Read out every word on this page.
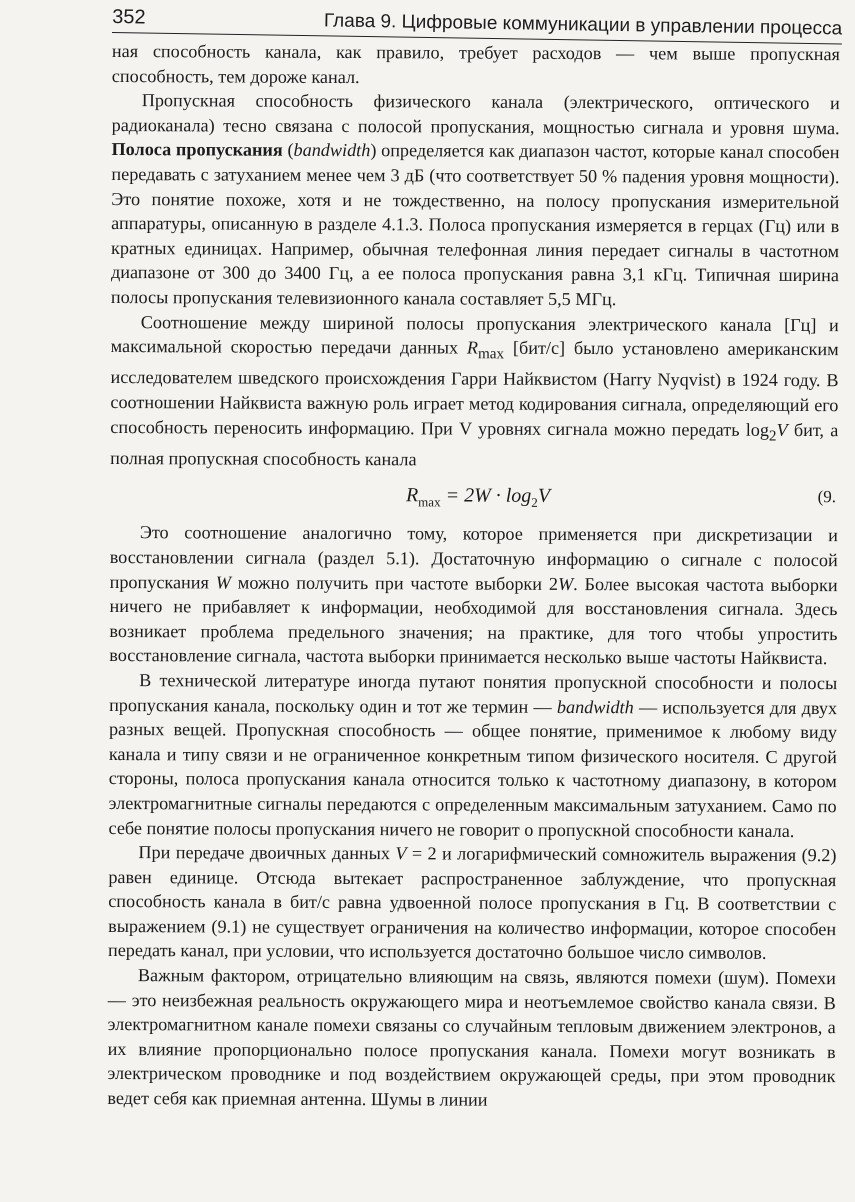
352	Глава 9. Цифровые коммуникации в управлении процесса

ная способность канала, как правило, требует расходов — чем выше пропускная способность, тем дороже канал.

Пропускная способность физического канала (электрического, оптического и радиоканала) тесно связана с полосой пропускания, мощностью сигнала и уровня шума. Полоса пропускания (bandwidth) определяется как диапазон частот, которые канал способен передавать с затуханием менее чем 3 дБ (что соответствует 50 % падения уровня мощности). Это понятие похоже, хотя и не тождественно, на полосу пропускания измерительной аппаратуры, описанную в разделе 4.1.3. Полоса пропускания измеряется в герцах (Гц) или в кратных единицах. Например, обычная телефонная линия передает сигналы в частотном диапазоне от 300 до 3400 Гц, а ее полоса пропускания равна 3,1 кГц. Типичная ширина полосы пропускания телевизионного канала составляет 5,5 МГц.

Соотношение между шириной полосы пропускания электрического канала [Гц] и максимальной скоростью передачи данных $R_{max}$ [бит/с] было установлено американским исследователем шведского происхождения Гарри Найквистом (Harry Nyqvist) в 1924 году. В соотношении Найквиста важную роль играет метод кодирования сигнала, определяющий его способность переносить информацию. При V уровнях сигнала можно передать $\log_2V$ бит, а полная пропускная способность канала

$R_{max} = 2W \cdot \log_2V$	(9.

Это соотношение аналогично тому, которое применяется при дискретизации и восстановлении сигнала (раздел 5.1). Достаточную информацию о сигнале с полосой пропускания W можно получить при частоте выборки 2W. Более высокая частота выборки ничего не прибавляет к информации, необходимой для восстановления сигнала. Здесь возникает проблема предельного значения; на практике, для того чтобы упростить восстановление сигнала, частота выборки принимается несколько выше частоты Найквиста.

В технической литературе иногда путают понятия пропускной способности и полосы пропускания канала, поскольку один и тот же термин — bandwidth — используется для двух разных вещей. Пропускная способность — общее понятие, применимое к любому виду канала и типу связи и не ограниченное конкретным типом физического носителя. С другой стороны, полоса пропускания канала относится только к частотному диапазону, в котором электромагнитные сигналы передаются с определенным максимальным затуханием. Само по себе понятие полосы пропускания ничего не говорит о пропускной способности канала.

При передаче двоичных данных V = 2 и логарифмический сомножитель выражения (9.2) равен единице. Отсюда вытекает распространенное заблуждение, что пропускная способность канала в бит/с равна удвоенной полосе пропускания в Гц. В соответствии с выражением (9.1) не существует ограничения на количество информации, которое способен передать канал, при условии, что используется достаточно большое число символов.

Важным фактором, отрицательно влияющим на связь, являются помехи (шум). Помехи — это неизбежная реальность окружающего мира и неотъемлемое свойство канала связи. В электромагнитном канале помехи связаны со случайным тепловым движением электронов, а их влияние пропорционально полосе пропускания канала. Помехи могут возникать в электрическом проводнике и под воздействием окружающей среды, при этом проводник ведет себя как приемная антенна. Шумы в линии
